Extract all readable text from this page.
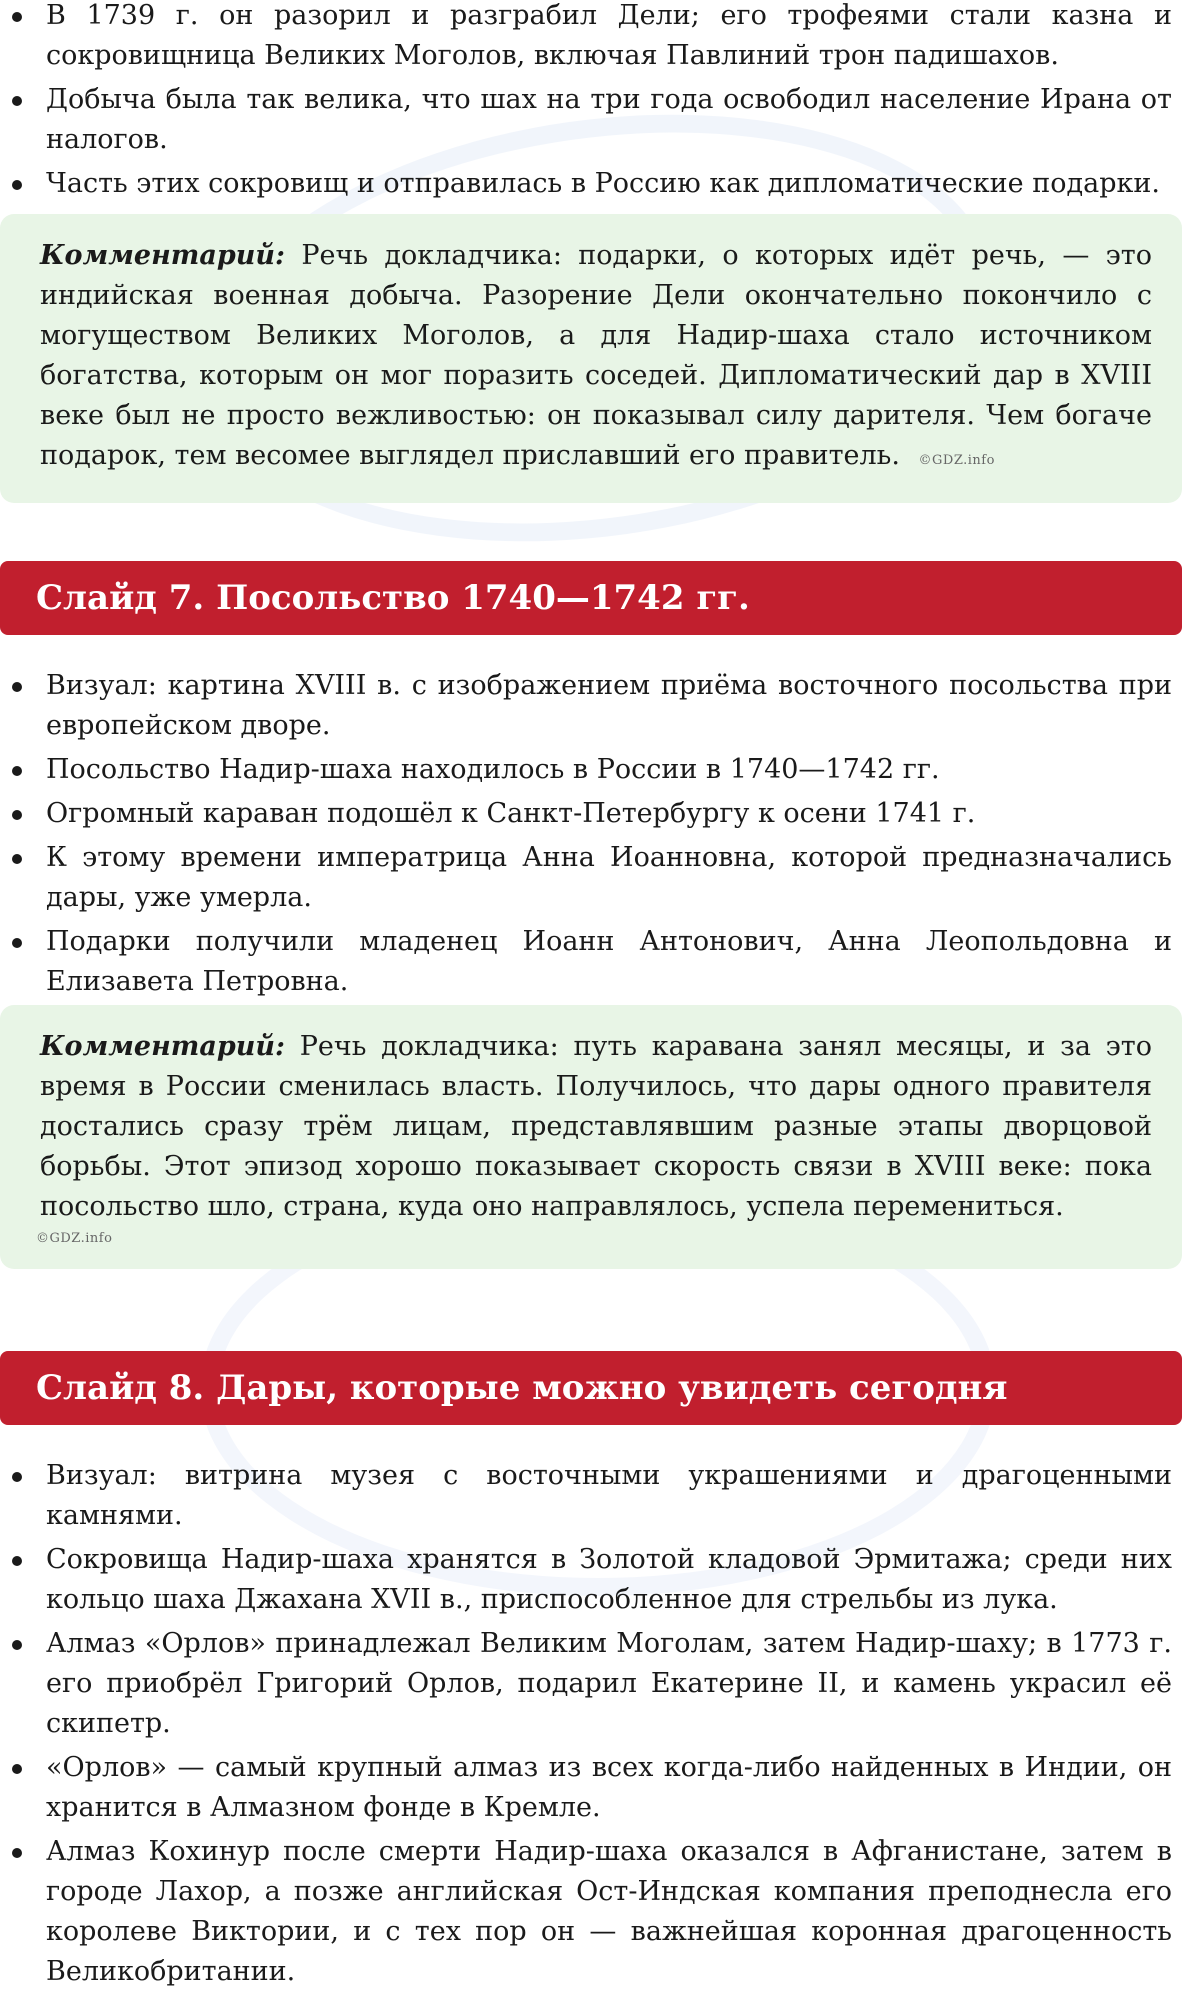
В 1739 г. он разорил и разграбил Дели; его трофеями стали казна и сокровищница Великих Моголов, включая Павлиний трон падишахов.
Добыча была так велика, что шах на три года освободил население Ирана от налогов.
Часть этих сокровищ и отправилась в Россию как дипломатические подарки.
Комментарий: Речь докладчика: подарки, о которых идёт речь, — это индийская военная добыча. Разорение Дели окончательно покончило с могуществом Великих Моголов, а для Надир-шаха стало источником богатства, которым он мог поразить соседей. Дипломатический дар в XVIII веке был не просто вежливостью: он показывал силу дарителя. Чем богаче подарок, тем весомее выглядел приславший его правитель. ©GDZ.info
Слайд 7. Посольство 1740—1742 гг.
Визуал: картина XVIII в. с изображением приёма восточного посольства при европейском дворе.
Посольство Надир-шаха находилось в России в 1740—1742 гг.
Огромный караван подошёл к Санкт-Петербургу к осени 1741 г.
К этому времени императрица Анна Иоанновна, которой предназначались дары, уже умерла.
Подарки получили младенец Иоанн Антонович, Анна Леопольдовна и Елизавета Петровна.
Комментарий: Речь докладчика: путь каравана занял месяцы, и за это время в России сменилась власть. Получилось, что дары одного правителя достались сразу трём лицам, представлявшим разные этапы дворцовой борьбы. Этот эпизод хорошо показывает скорость связи в XVIII веке: пока посольство шло, страна, куда оно направлялось, успела перемениться.
©GDZ.info
Слайд 8. Дары, которые можно увидеть сегодня
Визуал: витрина музея с восточными украшениями и драгоценными камнями.
Сокровища Надир-шаха хранятся в Золотой кладовой Эрмитажа; среди них кольцо шаха Джахана XVII в., приспособленное для стрельбы из лука.
Алмаз «Орлов» принадлежал Великим Моголам, затем Надир-шаху; в 1773 г. его приобрёл Григорий Орлов, подарил Екатерине II, и камень украсил её скипетр.
«Орлов» — самый крупный алмаз из всех когда-либо найденных в Индии, он хранится в Алмазном фонде в Кремле.
Алмаз Кохинур после смерти Надир-шаха оказался в Афганистане, затем в городе Лахор, а позже английская Ост-Индская компания преподнесла его королеве Виктории, и с тех пор он — важнейшая коронная драгоценность Великобритании.
